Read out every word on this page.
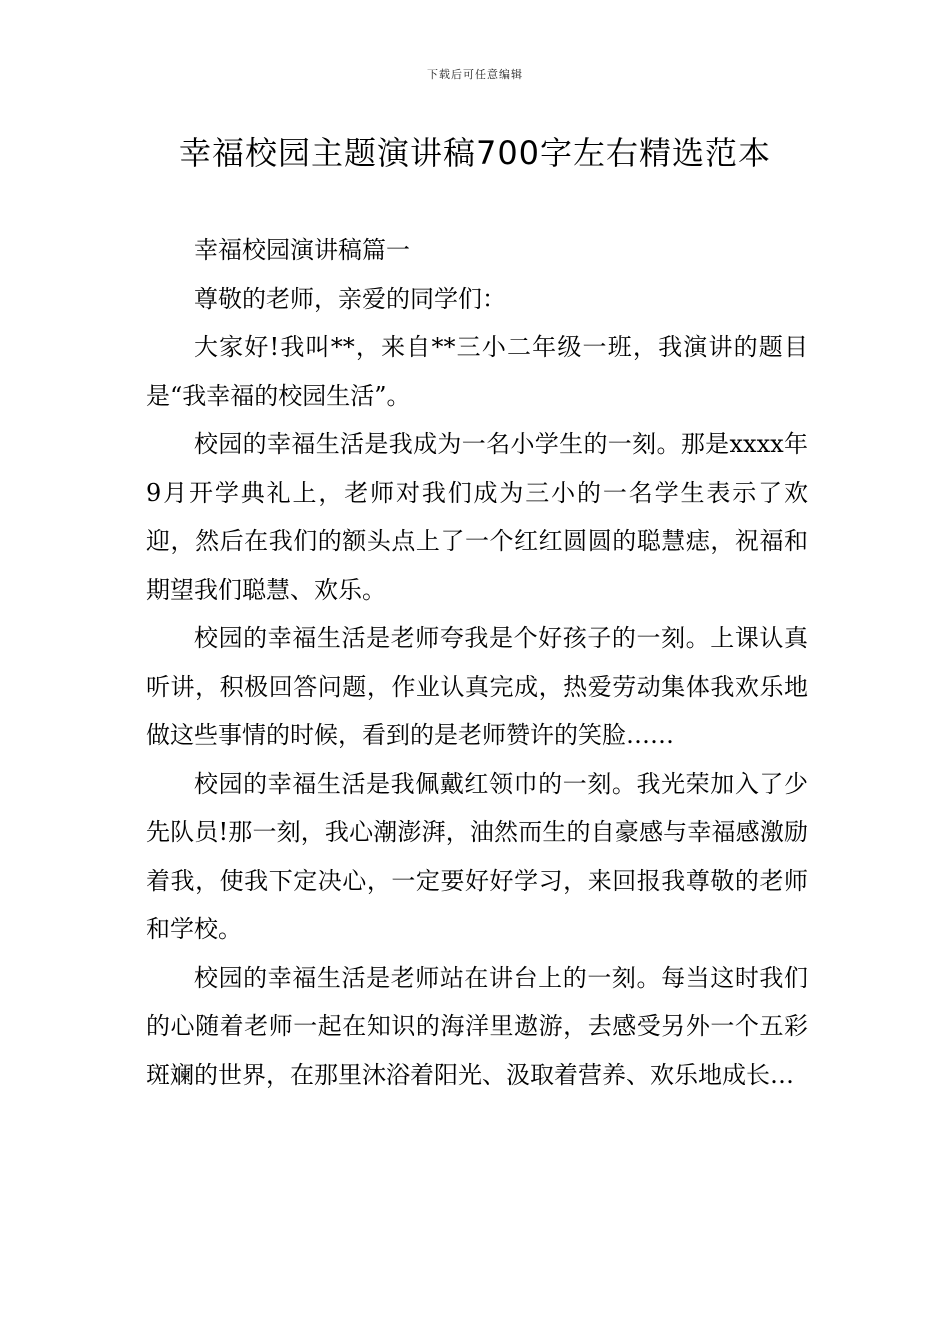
下载后可任意编辑
幸福校园主题演讲稿700字左右精选范本

幸福校园演讲稿篇一

尊敬的老师，亲爱的同学们：

大家好!我叫**，来自**三小二年级一班，我演讲的题目是“我幸福的校园生活”。

校园的幸福生活是我成为一名小学生的一刻。那是xxxx年9月开学典礼上，老师对我们成为三小的一名学生表示了欢迎，然后在我们的额头点上了一个红红圆圆的聪慧痣，祝福和期望我们聪慧、欢乐。

校园的幸福生活是老师夸我是个好孩子的一刻。上课认真听讲，积极回答问题，作业认真完成，热爱劳动集体我欢乐地做这些事情的时候，看到的是老师赞许的笑脸……

校园的幸福生活是我佩戴红领巾的一刻。我光荣加入了少先队员!那一刻，我心潮澎湃，油然而生的自豪感与幸福感激励着我，使我下定决心，一定要好好学习，来回报我尊敬的老师和学校。

校园的幸福生活是老师站在讲台上的一刻。每当这时我们的心随着老师一起在知识的海洋里遨游，去感受另外一个五彩斑斓的世界，在那里沐浴着阳光、汲取着营养、欢乐地成长…
